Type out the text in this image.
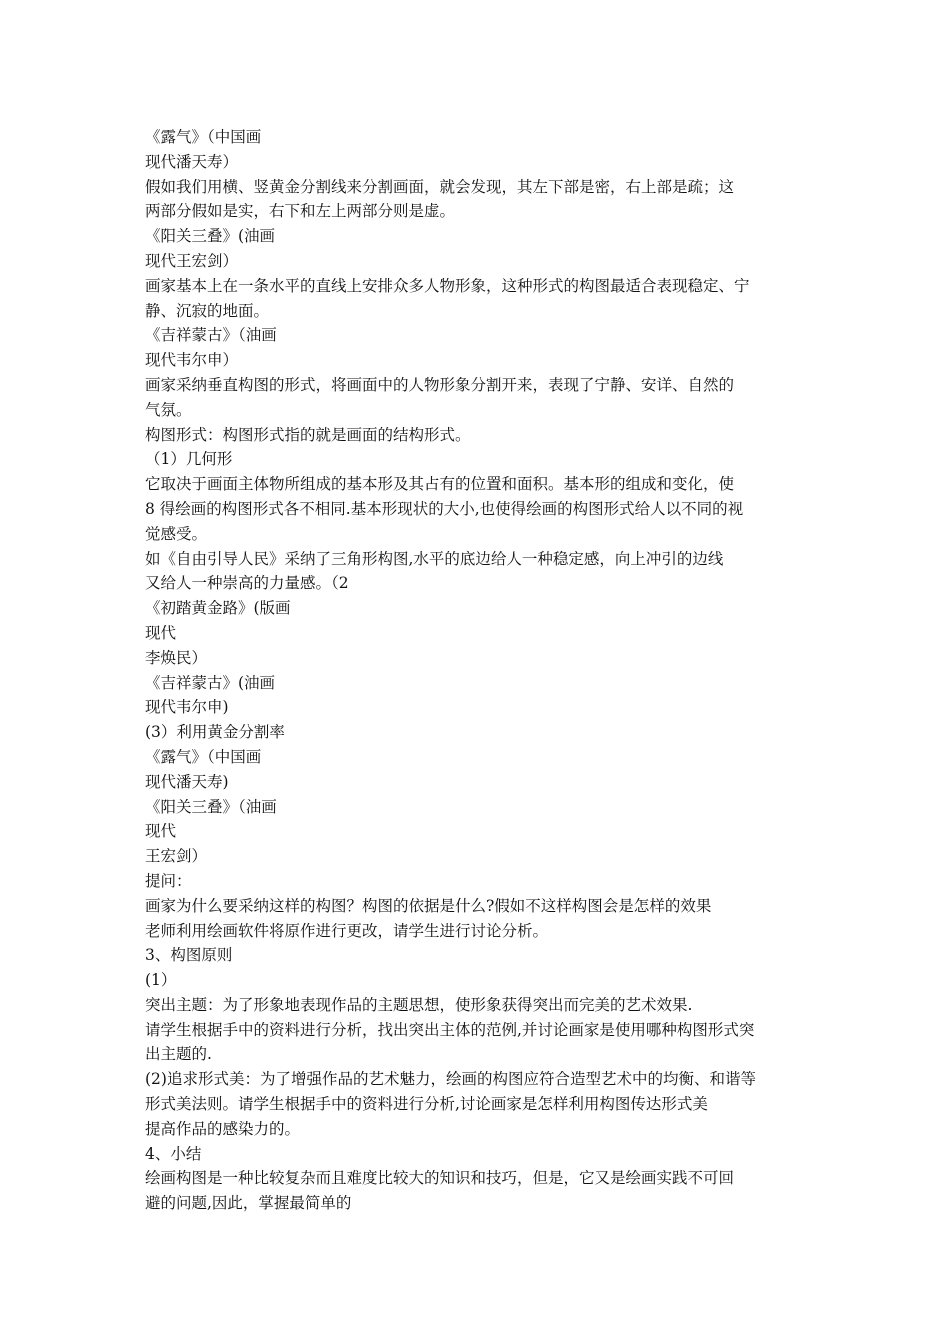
《露气》（中国画
现代潘天寿）
假如我们用横、竖黄金分割线来分割画面，就会发现，其左下部是密，右上部是疏；这
两部分假如是实，右下和左上两部分则是虚。
《阳关三叠》(油画
现代王宏剑）
画家基本上在一条水平的直线上安排众多人物形象，这种形式的构图最适合表现稳定、宁
静、沉寂的地面。
《吉祥蒙古》（油画
现代韦尔申）
画家采纳垂直构图的形式，将画面中的人物形象分割开来，表现了宁静、安详、自然的
气氛。
构图形式：构图形式指的就是画面的结构形式。
（1）几何形
它取决于画面主体物所组成的基本形及其占有的位置和面积。基本形的组成和变化，使
8 得绘画的构图形式各不相同.基本形现状的大小,也使得绘画的构图形式给人以不同的视
觉感受。
如《自由引导人民》采纳了三角形构图,水平的底边给人一种稳定感，向上冲引的边线
又给人一种崇高的力量感。（2
《初踏黄金路》(版画
现代
李焕民）
《吉祥蒙古》(油画
现代韦尔申)
(3）利用黄金分割率
《露气》（中国画
现代潘天寿)
《阳关三叠》（油画
现代
王宏剑）
提问：
画家为什么要采纳这样的构图？构图的依据是什么?假如不这样构图会是怎样的效果
老师利用绘画软件将原作进行更改，请学生进行讨论分析。
3、构图原则
(1）
突出主题：为了形象地表现作品的主题思想，使形象获得突出而完美的艺术效果.
请学生根据手中的资料进行分析，找出突出主体的范例,并讨论画家是使用哪种构图形式突
出主题的.
(2)追求形式美：为了增强作品的艺术魅力，绘画的构图应符合造型艺术中的均衡、和谐等
形式美法则。请学生根据手中的资料进行分析,讨论画家是怎样利用构图传达形式美
提高作品的感染力的。
4、小结
绘画构图是一种比较复杂而且难度比较大的知识和技巧，但是，它又是绘画实践不可回
避的问题,因此，掌握最简单的
